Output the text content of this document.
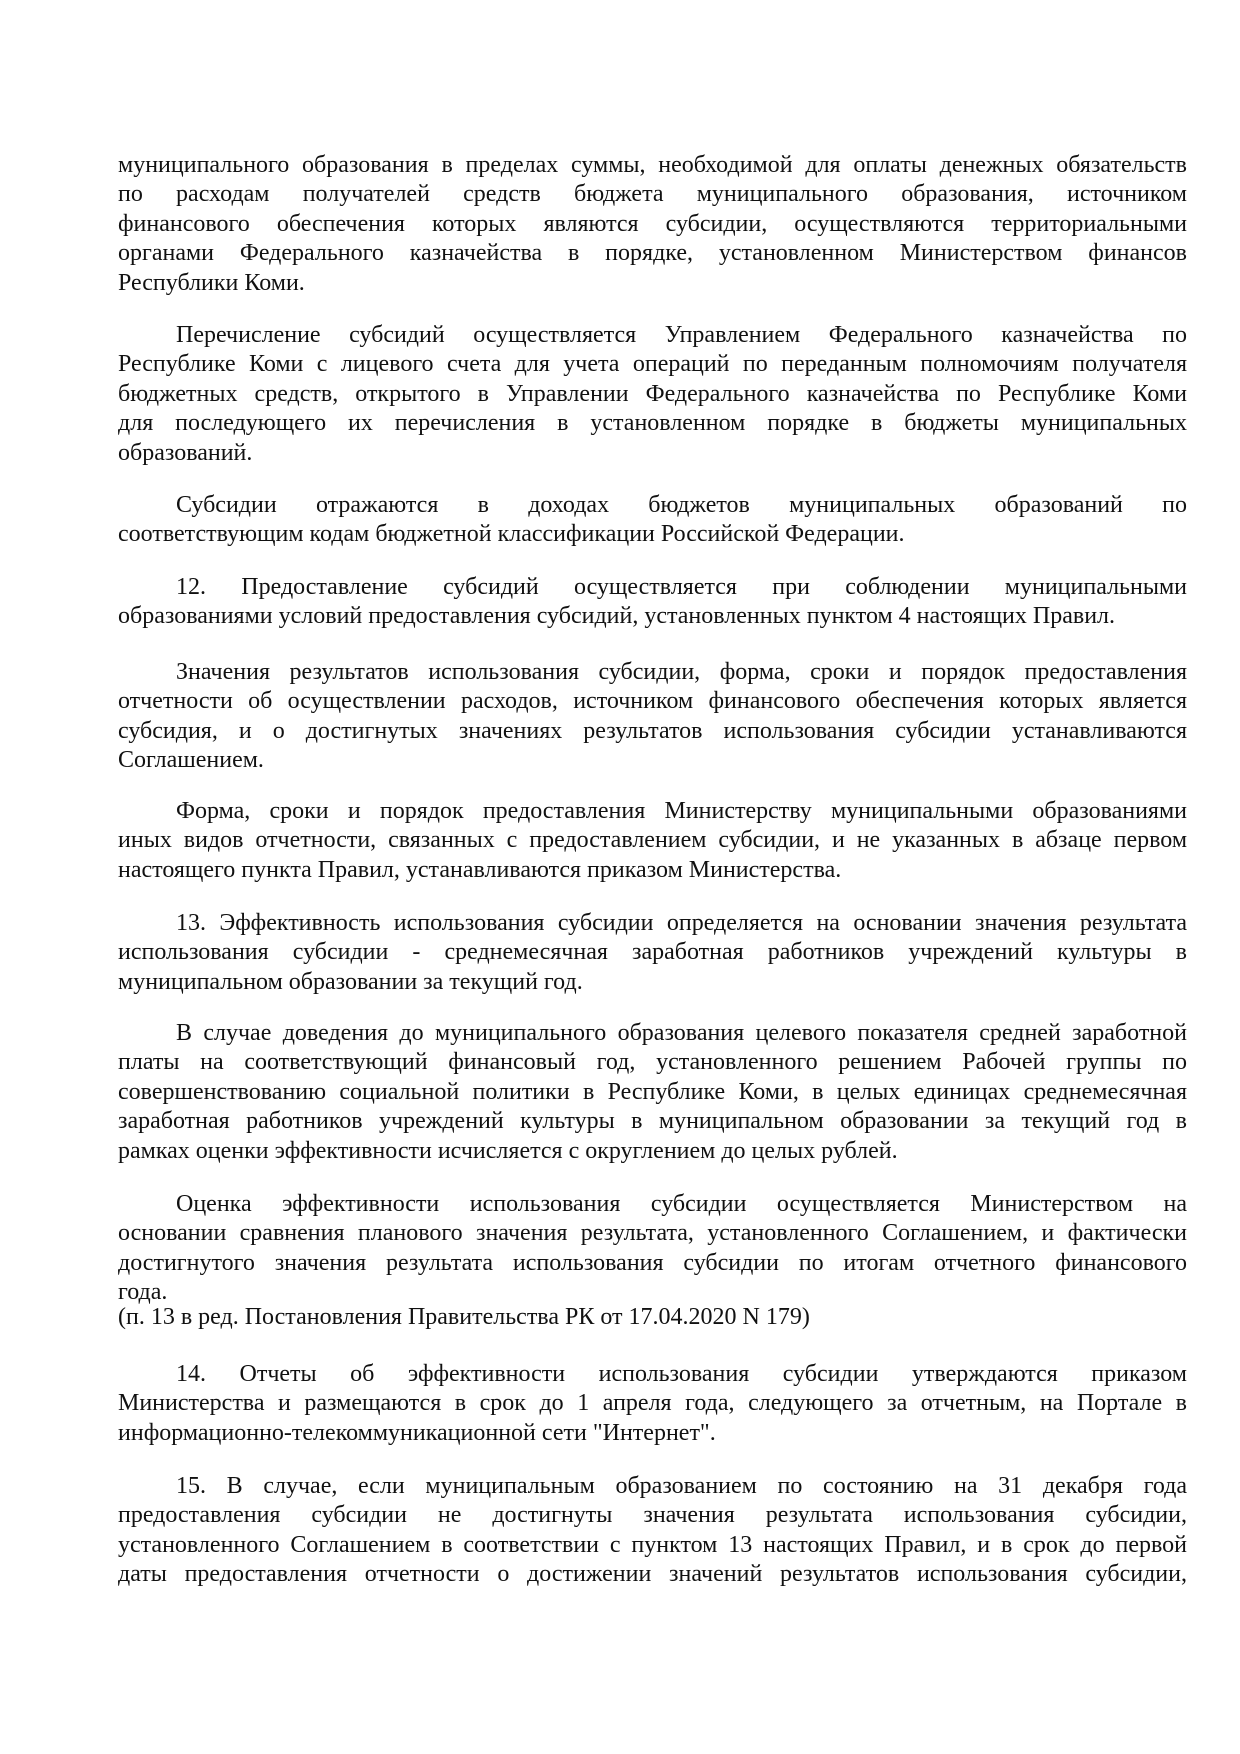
муниципального образования в пределах суммы, необходимой для оплаты денежных обязательств
по расходам получателей средств бюджета муниципального образования, источником
финансового обеспечения которых являются субсидии, осуществляются территориальными
органами Федерального казначейства в порядке, установленном Министерством финансов
Республики Коми.
Перечисление субсидий осуществляется Управлением Федерального казначейства по
Республике Коми с лицевого счета для учета операций по переданным полномочиям получателя
бюджетных средств, открытого в Управлении Федерального казначейства по Республике Коми
для последующего их перечисления в установленном порядке в бюджеты муниципальных
образований.
Субсидии отражаются в доходах бюджетов муниципальных образований по
соответствующим кодам бюджетной классификации Российской Федерации.
12. Предоставление субсидий осуществляется при соблюдении муниципальными
образованиями условий предоставления субсидий, установленных пунктом 4 настоящих Правил.
Значения результатов использования субсидии, форма, сроки и порядок предоставления
отчетности об осуществлении расходов, источником финансового обеспечения которых является
субсидия, и о достигнутых значениях результатов использования субсидии устанавливаются
Соглашением.
Форма, сроки и порядок предоставления Министерству муниципальными образованиями
иных видов отчетности, связанных с предоставлением субсидии, и не указанных в абзаце первом
настоящего пункта Правил, устанавливаются приказом Министерства.
13. Эффективность использования субсидии определяется на основании значения результата
использования субсидии - среднемесячная заработная работников учреждений культуры в
муниципальном образовании за текущий год.
В случае доведения до муниципального образования целевого показателя средней заработной
платы на соответствующий финансовый год, установленного решением Рабочей группы по
совершенствованию социальной политики в Республике Коми, в целых единицах среднемесячная
заработная работников учреждений культуры в муниципальном образовании за текущий год в
рамках оценки эффективности исчисляется с округлением до целых рублей.
Оценка эффективности использования субсидии осуществляется Министерством на
основании сравнения планового значения результата, установленного Соглашением, и фактически
достигнутого значения результата использования субсидии по итогам отчетного финансового
года.
(п. 13 в ред. Постановления Правительства РК от 17.04.2020 N 179)
14. Отчеты об эффективности использования субсидии утверждаются приказом
Министерства и размещаются в срок до 1 апреля года, следующего за отчетным, на Портале в
информационно-телекоммуникационной сети "Интернет".
15. В случае, если муниципальным образованием по состоянию на 31 декабря года
предоставления субсидии не достигнуты значения результата использования субсидии,
установленного Соглашением в соответствии с пунктом 13 настоящих Правил, и в срок до первой
даты предоставления отчетности о достижении значений результатов использования субсидии,
